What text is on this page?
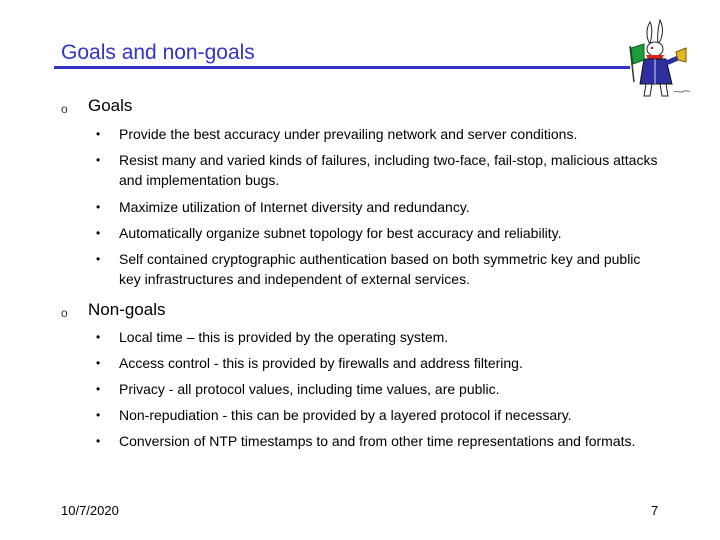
Goals and non-goals
o Goals
• Provide the best accuracy under prevailing network and server conditions.
• Resist many and varied kinds of failures, including two-face, fail-stop, malicious attacks and implementation bugs.
• Maximize utilization of Internet diversity and redundancy.
• Automatically organize subnet topology for best accuracy and reliability.
• Self contained cryptographic authentication based on both symmetric key and public key infrastructures and independent of external services.
o Non-goals
• Local time – this is provided by the operating system.
• Access control - this is provided by firewalls and address filtering.
• Privacy - all protocol values, including time values, are public.
• Non-repudiation - this can be provided by a layered protocol if necessary.
• Conversion of NTP timestamps to and from other time representations and formats.
10/7/2020	7
